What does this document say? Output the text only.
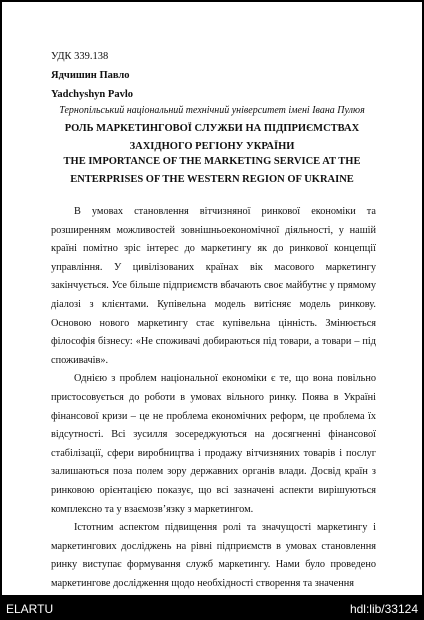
УДК 339.138
Ядчишин Павло
Yadchyshyn Pavlo
Тернопільський національний технічний університет імені Івана Пулюя
РОЛЬ МАРКЕТИНГОВОЇ СЛУЖБИ НА ПІДПРИЄМСТВАХ
ЗАХІДНОГО РЕГІОНУ УКРАЇНИ
THE IMPORTANCE OF THE MARKETING SERVICE AT THE
ENTERPRISES OF THE WESTERN REGION OF UKRAINE

В умовах становлення вітчизняної ринкової економіки та розширенням можливостей зовнішньоекономічної діяльності, у нашій країні помітно зріс інтерес до маркетингу як до ринкової концепції управління. У цивілізованих країнах вік масового маркетингу закінчується. Усе більше підприємств вбачають своє майбутнє у прямому діалозі з клієнтами. Купівельна модель витісняє модель ринкову. Основою нового маркетингу стає купівельна цінність. Змінюється філософія бізнесу: «Не споживачі добираються під товари, а товари – під споживачів».

Однією з проблем національної економіки є те, що вона повільно пристосовується до роботи в умовах вільного ринку. Поява в Україні фінансової кризи – це не проблема економічних реформ, це проблема їх відсутності. Всі зусилля зосереджуються на досягненні фінансової стабілізації, сфери виробництва і продажу вітчизняних товарів і послуг залишаються поза полем зору державних органів влади. Досвід країн з ринковою орієнтацією показує, що всі зазначені аспекти вирішуються комплексно та у взаємозв’язку з маркетингом.

Істотним аспектом підвищення ролі та значущості маркетингу і маркетингових досліджень на рівні підприємств в умовах становлення ринку виступає формування служб маркетингу. Нами було проведено маркетингове дослідження щодо необхідності створення та значення

ELARTU	hdl:lib/33124
